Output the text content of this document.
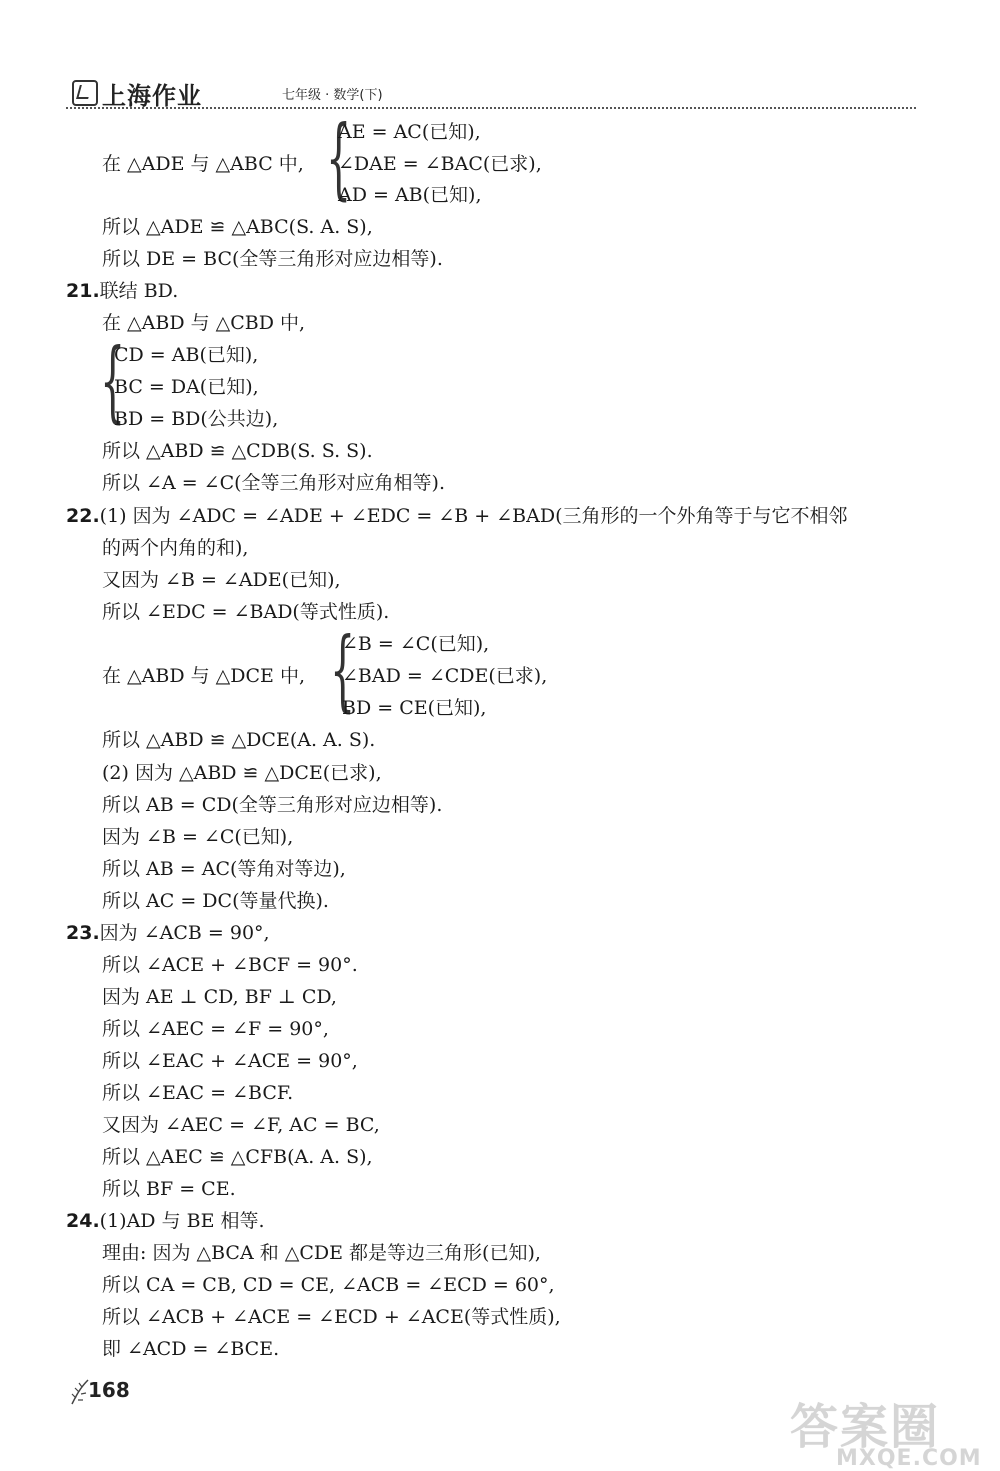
上海作业	七年级 · 数学(下)
{
{
{
AE = AC(已知),
在 △ADE 与 △ABC 中, ∠DAE = ∠BAC(已求),
AD = AB(已知),
所以 △ADE ≌ △ABC(S. A. S),
所以 DE = BC(全等三角形对应边相等).
21.联结 BD.
在 △ABD 与 △CBD 中,
CD = AB(已知),
BC = DA(已知),
BD = BD(公共边),
所以 △ABD ≌ △CDB(S. S. S).
所以 ∠A = ∠C(全等三角形对应角相等).
22.(1) 因为 ∠ADC = ∠ADE + ∠EDC = ∠B + ∠BAD(三角形的一个外角等于与它不相邻
的两个内角的和),
又因为 ∠B = ∠ADE(已知),
所以 ∠EDC = ∠BAD(等式性质).
∠B = ∠C(已知),
在 △ABD 与 △DCE 中, ∠BAD = ∠CDE(已求),
BD = CE(已知),
所以 △ABD ≌ △DCE(A. A. S).
(2) 因为 △ABD ≌ △DCE(已求),
所以 AB = CD(全等三角形对应边相等).
因为 ∠B = ∠C(已知),
所以 AB = AC(等角对等边),
所以 AC = DC(等量代换).
23.因为 ∠ACB = 90°,
所以 ∠ACE + ∠BCF = 90°.
因为 AE ⊥ CD, BF ⊥ CD,
所以 ∠AEC = ∠F = 90°,
所以 ∠EAC + ∠ACE = 90°,
所以 ∠EAC = ∠BCF.
又因为 ∠AEC = ∠F, AC = BC,
所以 △AEC ≌ △CFB(A. A. S),
所以 BF = CE.
24.(1)AD 与 BE 相等.
理由: 因为 △BCA 和 △CDE 都是等边三角形(已知),
所以 CA = CB, CD = CE, ∠ACB = ∠ECD = 60°,
所以 ∠ACB + ∠ACE = ∠ECD + ∠ACE(等式性质),
即 ∠ACD = ∠BCE.
168
答案圈
MXQE.COM
